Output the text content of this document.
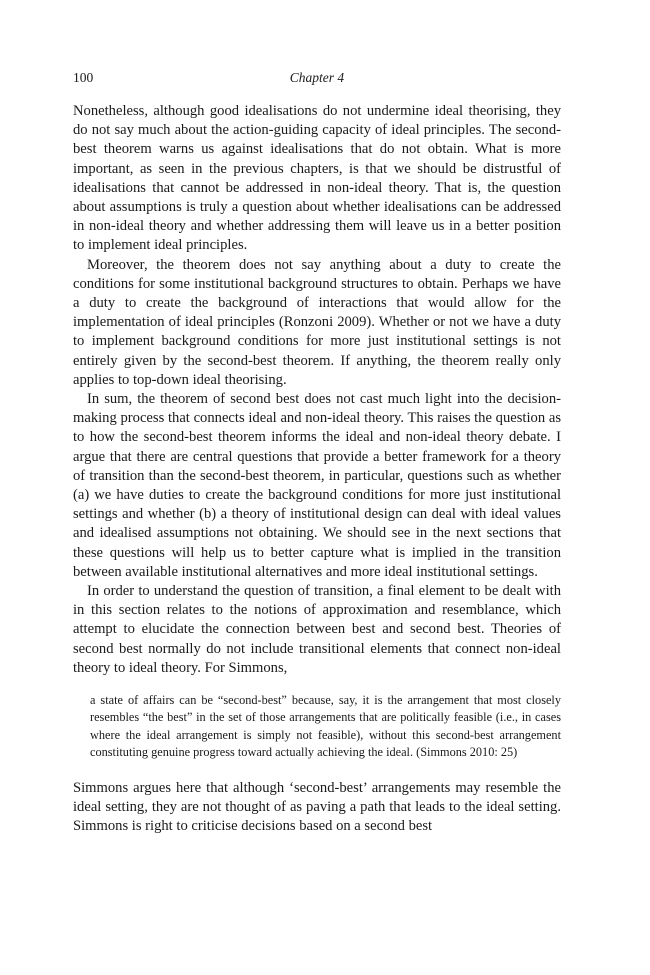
100	Chapter 4

Nonetheless, although good idealisations do not undermine ideal theorising, they do not say much about the action-guiding capacity of ideal principles. The second-best theorem warns us against idealisations that do not obtain. What is more important, as seen in the previous chapters, is that we should be distrustful of idealisations that cannot be addressed in non-ideal theory. That is, the question about assumptions is truly a question about whether idealisations can be addressed in non-ideal theory and whether addressing them will leave us in a better position to implement ideal principles.

Moreover, the theorem does not say anything about a duty to create the conditions for some institutional background structures to obtain. Perhaps we have a duty to create the background of interactions that would allow for the implementation of ideal principles (Ronzoni 2009). Whether or not we have a duty to implement background conditions for more just institutional settings is not entirely given by the second-best theorem. If anything, the theorem really only applies to top-down ideal theorising.

In sum, the theorem of second best does not cast much light into the decision-making process that connects ideal and non-ideal theory. This raises the question as to how the second-best theorem informs the ideal and non-ideal theory debate. I argue that there are central questions that provide a better framework for a theory of transition than the second-best theorem, in particular, questions such as whether (a) we have duties to create the background conditions for more just institutional settings and whether (b) a theory of institutional design can deal with ideal values and idealised assumptions not obtaining. We should see in the next sections that these questions will help us to better capture what is implied in the transition between available institutional alternatives and more ideal institutional settings.

In order to understand the question of transition, a final element to be dealt with in this section relates to the notions of approximation and resemblance, which attempt to elucidate the connection between best and second best. Theories of second best normally do not include transitional elements that connect non-ideal theory to ideal theory. For Simmons,

a state of affairs can be “second-best” because, say, it is the arrangement that most closely resembles “the best” in the set of those arrangements that are politically feasible (i.e., in cases where the ideal arrangement is simply not feasible), without this second-best arrangement constituting genuine progress toward actually achieving the ideal. (Simmons 2010: 25)

Simmons argues here that although ‘second-best’ arrangements may resemble the ideal setting, they are not thought of as paving a path that leads to the ideal setting. Simmons is right to criticise decisions based on a second best
